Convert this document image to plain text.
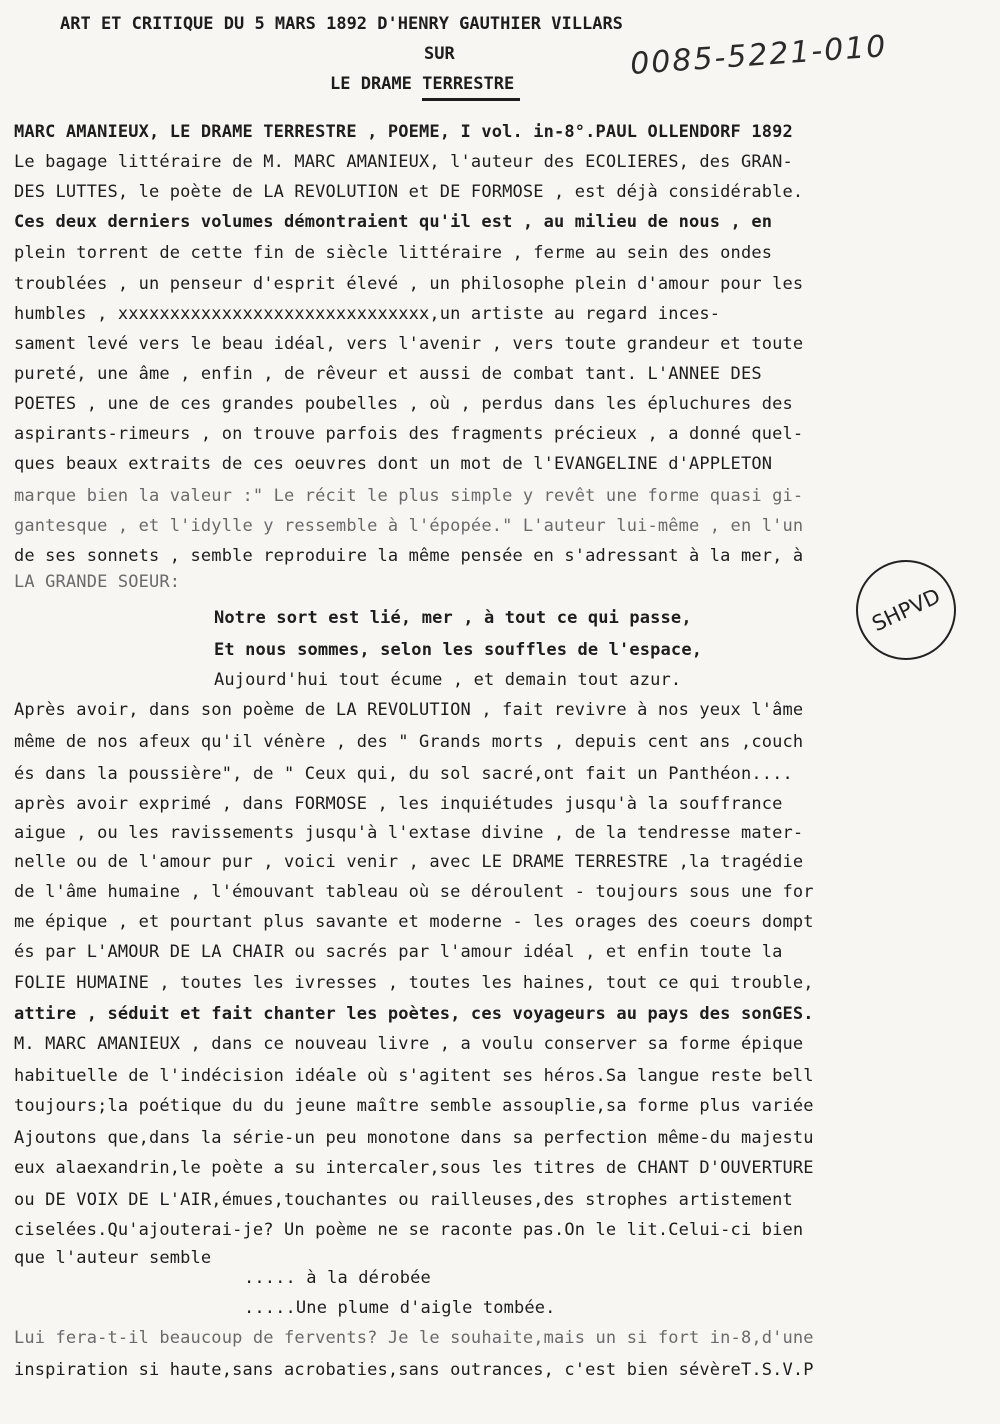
ART ET CRITIQUE DU 5 MARS 1892 D'HENRY GAUTHIER VILLARS
SUR
LE DRAME TERRESTRE
0085-5221-010
SHPVD
MARC AMANIEUX, LE DRAME TERRESTRE , POEME, I vol. in-8°.PAUL OLLENDORF 1892
Le bagage littéraire de M. MARC AMANIEUX, l'auteur des ECOLIERES, des GRAN-
DES LUTTES, le poète de LA REVOLUTION et DE FORMOSE , est déjà considérable.
Ces deux derniers volumes démontraient qu'il est , au milieu de nous , en
plein torrent de cette fin de siècle littéraire , ferme au sein des ondes
troublées , un penseur d'esprit élevé , un philosophe plein d'amour pour les
humbles , xxxxxxxxxxxxxxxxxxxxxxxxxxxxxx,un artiste au regard inces-
sament levé vers le beau idéal, vers l'avenir , vers toute grandeur et toute
pureté, une âme , enfin , de rêveur et aussi de combat tant. L'ANNEE DES
POETES , une de ces grandes poubelles , où , perdus dans les épluchures des
aspirants-rimeurs , on trouve parfois des fragments précieux , a donné quel-
ques beaux extraits de ces oeuvres dont un mot de l'EVANGELINE d'APPLETON
marque bien la valeur :" Le récit le plus simple y revêt une forme quasi gi-
gantesque , et l'idylle y ressemble à l'épopée." L'auteur lui-même , en l'un
de ses sonnets , semble reproduire la même pensée en s'adressant à la mer, à
LA GRANDE SOEUR:
Notre sort est lié, mer , à tout ce qui passe,
Et nous sommes, selon les souffles de l'espace,
Aujourd'hui tout écume , et demain tout azur.
Après avoir, dans son poème de LA REVOLUTION , fait revivre à nos yeux l'âme
même de nos afeux qu'il vénère , des " Grands morts , depuis cent ans ,couch
és dans la poussière", de " Ceux qui, du sol sacré,ont fait un Panthéon....
après avoir exprimé , dans FORMOSE , les inquiétudes jusqu'à la souffrance
aigue , ou les ravissements jusqu'à l'extase divine , de la tendresse mater-
nelle ou de l'amour pur , voici venir , avec LE DRAME TERRESTRE ,la tragédie
de l'âme humaine , l'émouvant tableau où se déroulent - toujours sous une for
me épique , et pourtant plus savante et moderne - les orages des coeurs dompt
és par L'AMOUR DE LA CHAIR ou sacrés par l'amour idéal , et enfin toute la
FOLIE HUMAINE , toutes les ivresses , toutes les haines, tout ce qui trouble,
attire , séduit et fait chanter les poètes, ces voyageurs au pays des sonGES.
M. MARC AMANIEUX , dans ce nouveau livre , a voulu conserver sa forme épique
habituelle de l'indécision idéale où s'agitent ses héros.Sa langue reste bell
toujours;la poétique du du jeune maître semble assouplie,sa forme plus variée
Ajoutons que,dans la série-un peu monotone dans sa perfection même-du majestu
eux alaexandrin,le poète a su intercaler,sous les titres de CHANT D'OUVERTURE
ou DE VOIX DE L'AIR,émues,touchantes ou railleuses,des strophes artistement
ciselées.Qu'ajouterai-je? Un poème ne se raconte pas.On le lit.Celui-ci bien
que l'auteur semble
..... à la dérobée
.....Une plume d'aigle tombée.
Lui fera-t-il beaucoup de fervents? Je le souhaite,mais un si fort in-8,d'une
inspiration si haute,sans acrobaties,sans outrances, c'est bien sévèreT.S.V.P
